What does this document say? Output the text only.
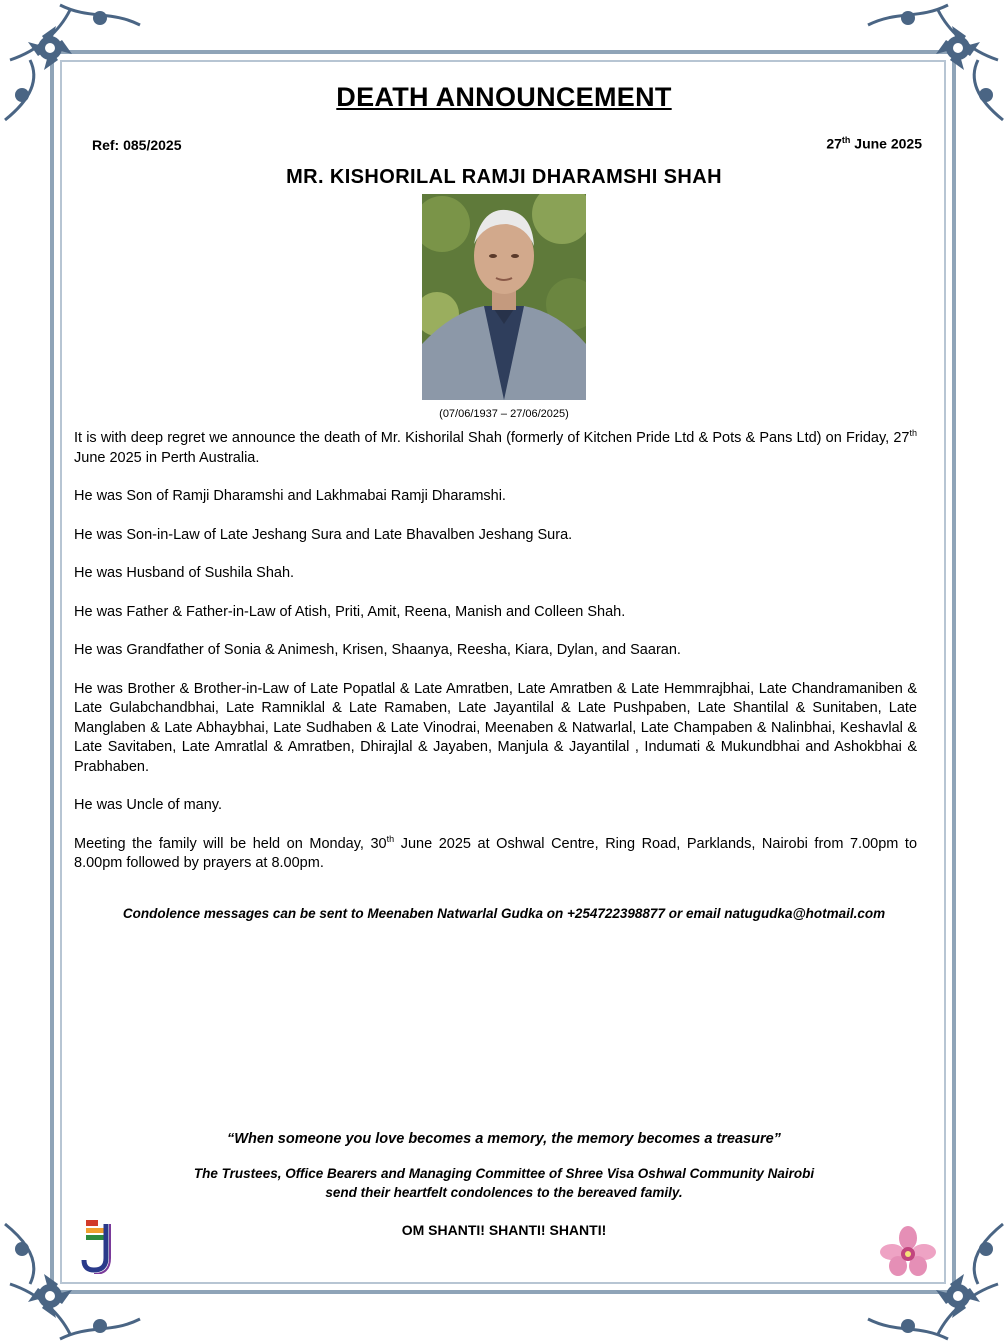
DEATH ANNOUNCEMENT
Ref: 085/2025	27th June 2025
MR. KISHORILAL RAMJI DHARAMSHI SHAH
(07/06/1937 – 27/06/2025)

It is with deep regret we announce the death of Mr. Kishorilal Shah (formerly of Kitchen Pride Ltd & Pots & Pans Ltd) on Friday, 27th June 2025 in Perth Australia.

He was Son of Ramji Dharamshi and Lakhmabai Ramji Dharamshi.

He was Son-in-Law of Late Jeshang Sura and Late Bhavalben Jeshang Sura.

He was Husband of Sushila Shah.

He was Father & Father-in-Law of Atish, Priti, Amit, Reena, Manish and Colleen Shah.

He was Grandfather of Sonia & Animesh, Krisen, Shaanya, Reesha, Kiara, Dylan, and Saaran.

He was Brother & Brother-in-Law of Late Popatlal & Late Amratben, Late Amratben & Late Hemmrajbhai, Late Chandramaniben & Late Gulabchandbhai, Late Ramniklal & Late Ramaben, Late Jayantilal & Late Pushpaben, Late Shantilal & Sunitaben, Late Manglaben & Late Abhaybhai, Late Sudhaben & Late Vinodrai, Meenaben & Natwarlal, Late Champaben & Nalinbhai, Keshavlal & Late Savitaben, Late Amratlal & Amratben, Dhirajlal & Jayaben, Manjula & Jayantilal , Indumati & Mukundbhai and Ashokbhai & Prabhaben.

He was Uncle of many.

Meeting the family will be held on Monday, 30th June 2025 at Oshwal Centre, Ring Road, Parklands, Nairobi from 7.00pm to 8.00pm followed by prayers at 8.00pm.

Condolence messages can be sent to Meenaben Natwarlal Gudka on +254722398877 or email natugudka@hotmail.com
“When someone you love becomes a memory, the memory becomes a treasure”
The Trustees, Office Bearers and Managing Committee of Shree Visa Oshwal Community Nairobi
send their heartfelt condolences to the bereaved family.
OM SHANTI! SHANTI! SHANTI!
